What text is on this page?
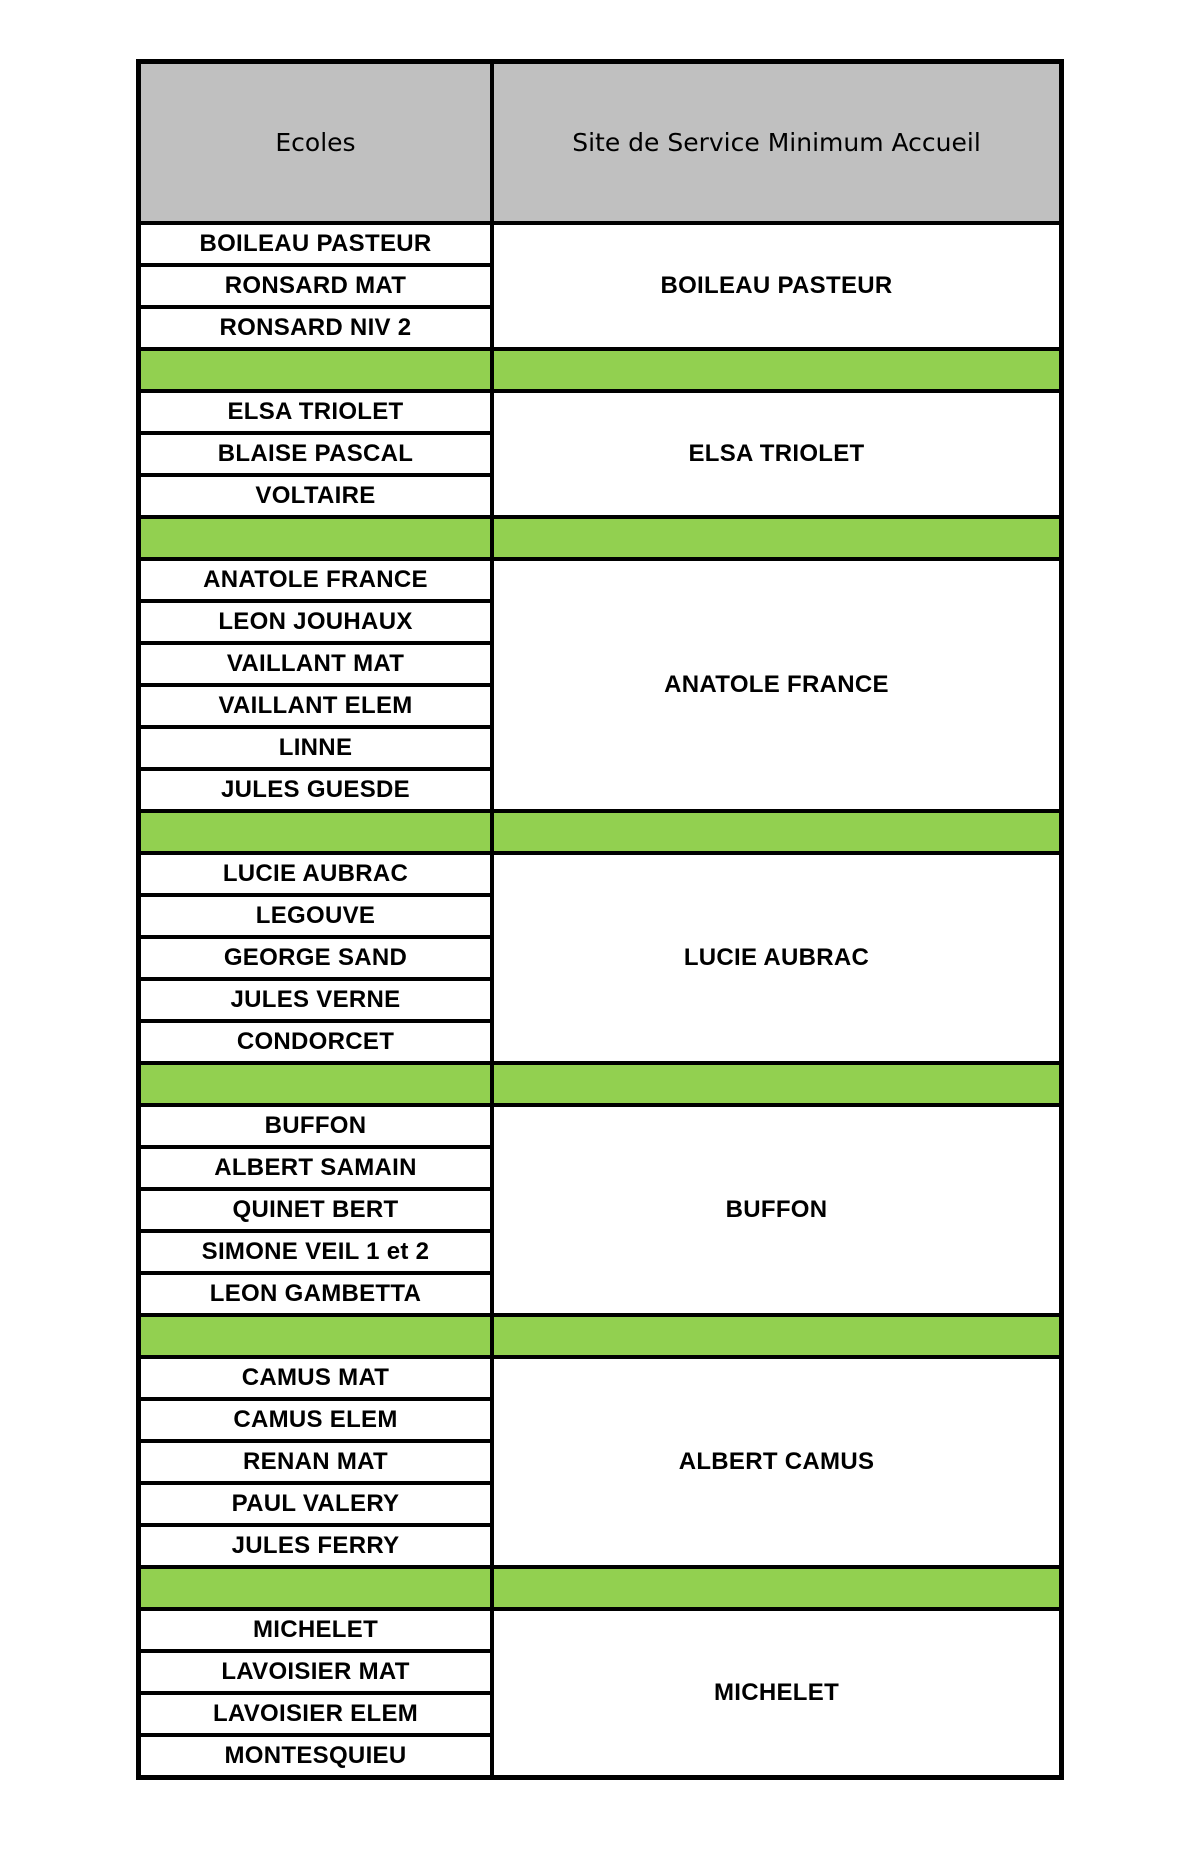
Ecoles	Site de Service Minimum Accueil
BOILEAU PASTEUR
RONSARD MAT
RONSARD NIV 2
BOILEAU PASTEUR
ELSA TRIOLET
BLAISE PASCAL
VOLTAIRE
ELSA TRIOLET
ANATOLE FRANCE
LEON JOUHAUX
VAILLANT MAT
VAILLANT ELEM
LINNE
JULES GUESDE
ANATOLE FRANCE
LUCIE AUBRAC
LEGOUVE
GEORGE SAND
JULES VERNE
CONDORCET
LUCIE AUBRAC
BUFFON
ALBERT SAMAIN
QUINET BERT
SIMONE VEIL 1 et 2
LEON GAMBETTA
BUFFON
CAMUS MAT
CAMUS ELEM
RENAN MAT
PAUL VALERY
JULES FERRY
ALBERT CAMUS
MICHELET
LAVOISIER MAT
LAVOISIER ELEM
MONTESQUIEU
MICHELET
